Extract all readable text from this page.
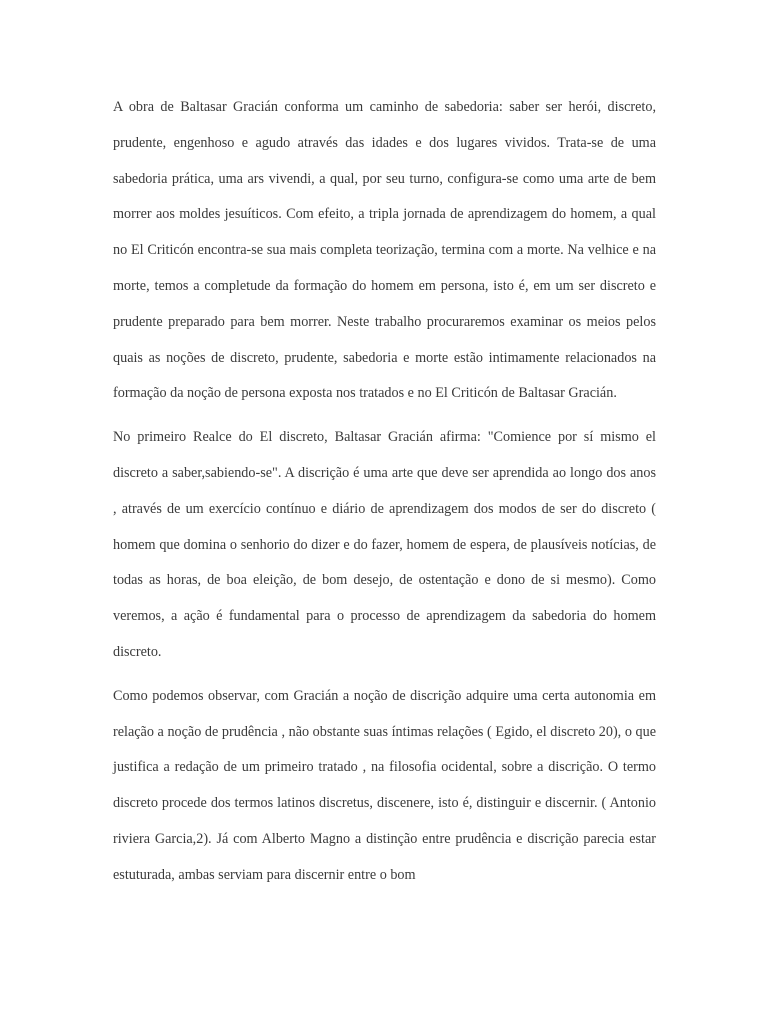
A obra de Baltasar Gracián conforma um caminho de sabedoria: saber ser herói, discreto, prudente, engenhoso e agudo através das idades e dos lugares vividos. Trata-se de uma sabedoria prática, uma ars vivendi, a qual, por seu turno, configura-se como uma arte de bem morrer aos moldes jesuíticos. Com efeito, a tripla jornada de aprendizagem do homem, a qual no El Criticón encontra-se sua mais completa teorização, termina com a morte. Na velhice e na morte, temos a completude da formação do homem em persona, isto é, em um ser discreto e prudente preparado para bem morrer. Neste trabalho procuraremos examinar os meios pelos quais as noções de discreto, prudente, sabedoria e morte estão intimamente relacionados na formação da noção de persona exposta nos tratados e no El Criticón de Baltasar Gracián.

No primeiro Realce do El discreto, Baltasar Gracián afirma: "Comience por sí mismo el discreto a saber,sabiendo-se". A discrição é uma arte que deve ser aprendida ao longo dos anos , através de um exercício contínuo e diário de aprendizagem dos modos de ser do discreto ( homem que domina o senhorio do dizer e do fazer, homem de espera, de plausíveis notícias, de todas as horas, de boa eleição, de bom desejo, de ostentação e dono de si mesmo). Como veremos, a ação é fundamental para o processo de aprendizagem da sabedoria do homem discreto.

Como podemos observar, com Gracián a noção de discrição adquire uma certa autonomia em relação a noção de prudência , não obstante suas íntimas relações ( Egido, el discreto 20), o que justifica a redação de um primeiro tratado , na filosofia ocidental, sobre a discrição. O termo discreto procede dos termos latinos discretus, discenere, isto é, distinguir e discernir. ( Antonio riviera Garcia,2). Já com Alberto Magno a distinção entre prudência e discrição parecia estar estuturada, ambas serviam para discernir entre o bom
